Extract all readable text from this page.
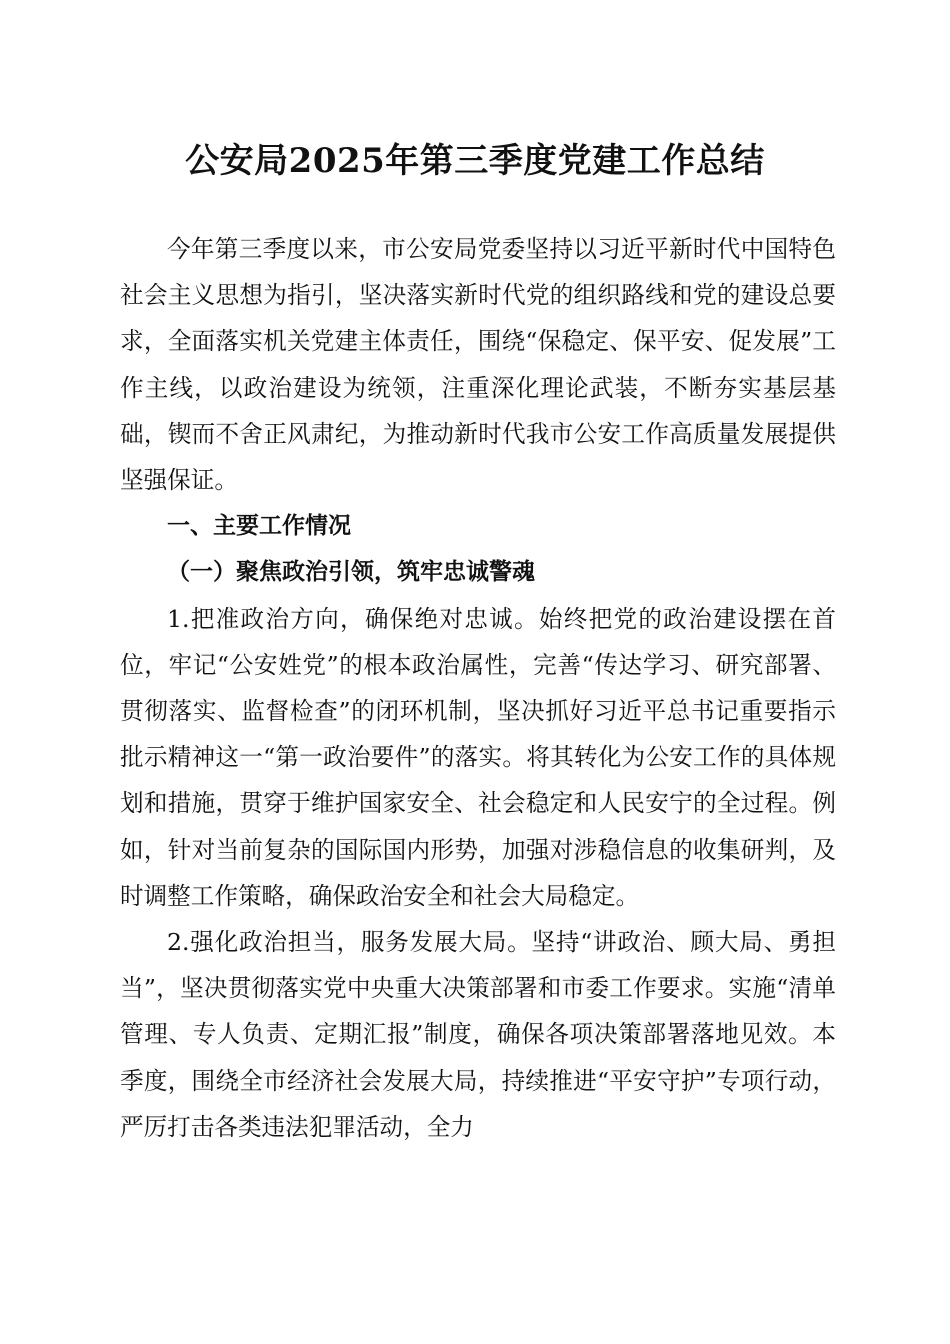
公安局2025年第三季度党建工作总结

今年第三季度以来，市公安局党委坚持以习近平新时代中国特色社会主义思想为指引，坚决落实新时代党的组织路线和党的建设总要求，全面落实机关党建主体责任，围绕“保稳定、保平安、促发展”工作主线，以政治建设为统领，注重深化理论武装，不断夯实基层基础，锲而不舍正风肃纪，为推动新时代我市公安工作高质量发展提供坚强保证。

一、主要工作情况

（一）聚焦政治引领，筑牢忠诚警魂

1.把准政治方向，确保绝对忠诚。始终把党的政治建设摆在首位，牢记“公安姓党”的根本政治属性，完善“传达学习、研究部署、贯彻落实、监督检查”的闭环机制，坚决抓好习近平总书记重要指示批示精神这一“第一政治要件”的落实。将其转化为公安工作的具体规划和措施，贯穿于维护国家安全、社会稳定和人民安宁的全过程。例如，针对当前复杂的国际国内形势，加强对涉稳信息的收集研判，及时调整工作策略，确保政治安全和社会大局稳定。

2.强化政治担当，服务发展大局。坚持“讲政治、顾大局、勇担当”，坚决贯彻落实党中央重大决策部署和市委工作要求。实施“清单管理、专人负责、定期汇报”制度，确保各项决策部署落地见效。本季度，围绕全市经济社会发展大局，持续推进“平安守护”专项行动，严厉打击各类违法犯罪活动，全力
